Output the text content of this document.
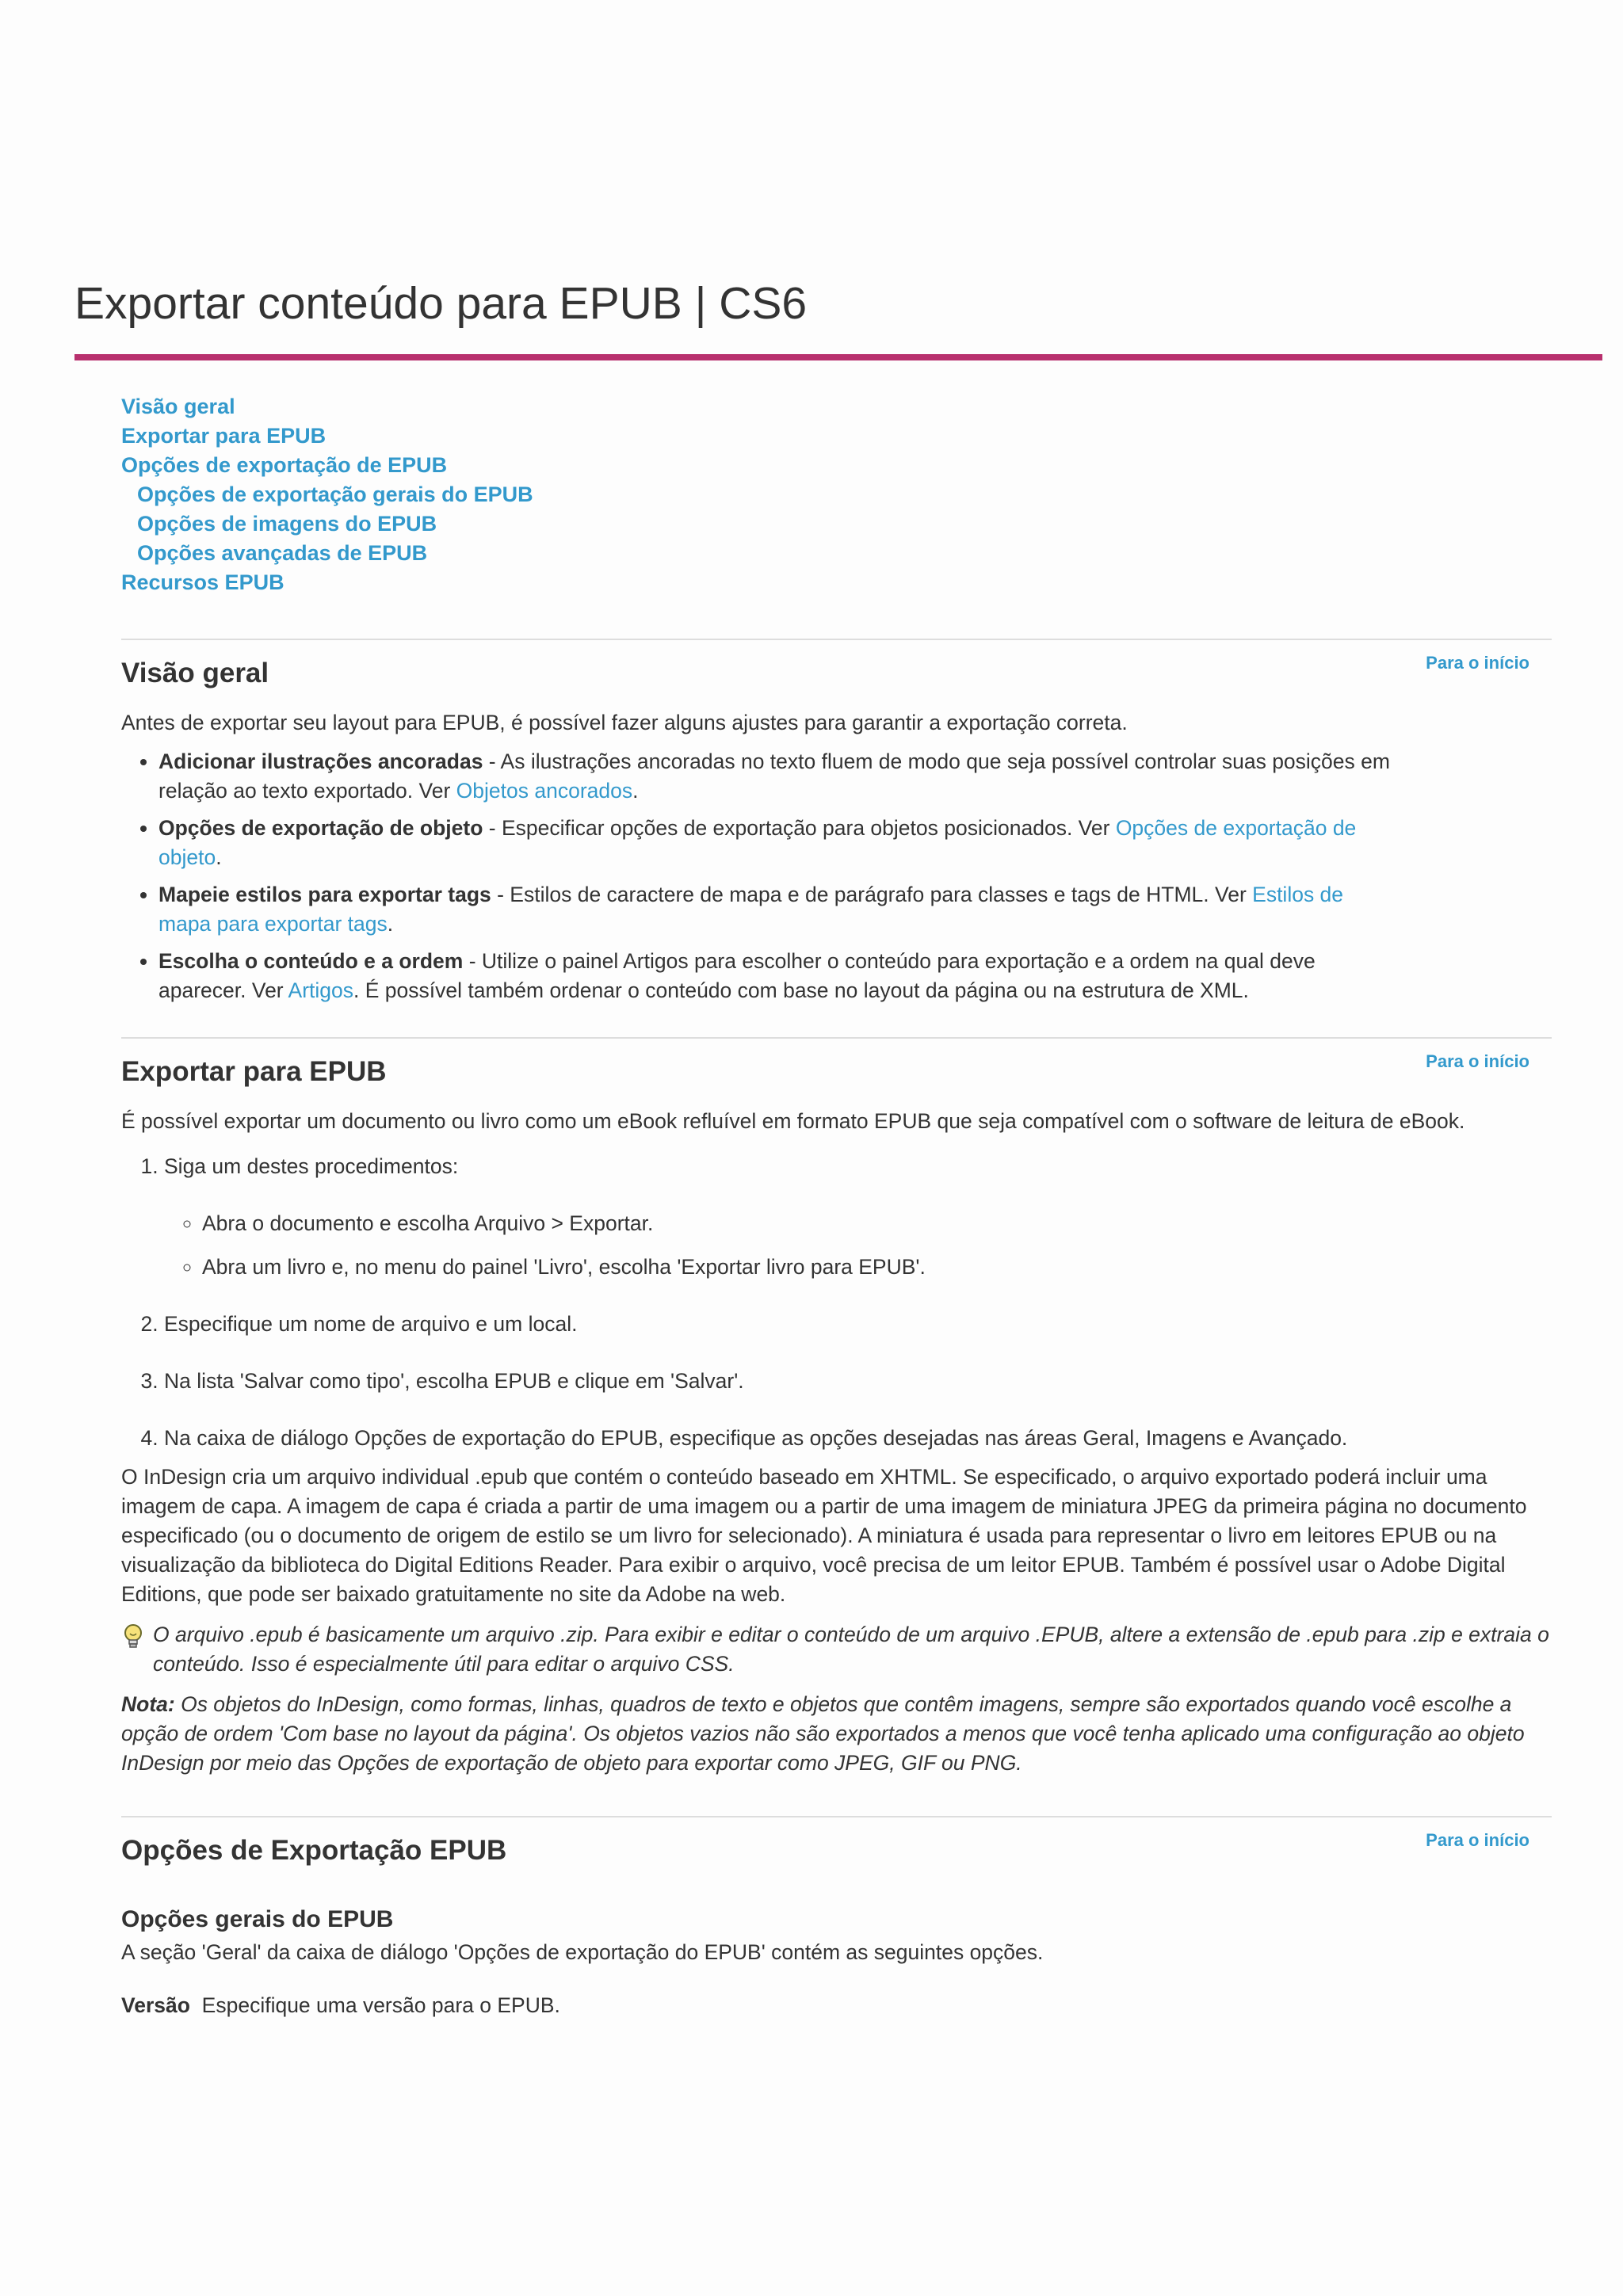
Exportar conteúdo para EPUB | CS6
Visão geral
Exportar para EPUB
Opções de exportação de EPUB
Opções de exportação gerais do EPUB
Opções de imagens do EPUB
Opções avançadas de EPUB
Recursos EPUB
Para o início
Visão geral

Antes de exportar seu layout para EPUB, é possível fazer alguns ajustes para garantir a exportação correta.

• Adicionar ilustrações ancoradas - As ilustrações ancoradas no texto fluem de modo que seja possível controlar suas posições em relação ao texto exportado. Ver Objetos ancorados.
• Opções de exportação de objeto - Especificar opções de exportação para objetos posicionados. Ver Opções de exportação de objeto.
• Mapeie estilos para exportar tags - Estilos de caractere de mapa e de parágrafo para classes e tags de HTML. Ver Estilos de mapa para exportar tags.
• Escolha o conteúdo e a ordem - Utilize o painel Artigos para escolher o conteúdo para exportação e a ordem na qual deve aparecer. Ver Artigos. É possível também ordenar o conteúdo com base no layout da página ou na estrutura de XML.
Para o início
Exportar para EPUB

É possível exportar um documento ou livro como um eBook refluível em formato EPUB que seja compatível com o software de leitura de eBook.

1. Siga um destes procedimentos:
◦ Abra o documento e escolha Arquivo > Exportar.
◦ Abra um livro e, no menu do painel 'Livro', escolha 'Exportar livro para EPUB'.
2. Especifique um nome de arquivo e um local.
3. Na lista 'Salvar como tipo', escolha EPUB e clique em 'Salvar'.
4. Na caixa de diálogo Opções de exportação do EPUB, especifique as opções desejadas nas áreas Geral, Imagens e Avançado.

O InDesign cria um arquivo individual .epub que contém o conteúdo baseado em XHTML. Se especificado, o arquivo exportado poderá incluir uma imagem de capa. A imagem de capa é criada a partir de uma imagem ou a partir de uma imagem de miniatura JPEG da primeira página no documento especificado (ou o documento de origem de estilo se um livro for selecionado). A miniatura é usada para representar o livro em leitores EPUB ou na visualização da biblioteca do Digital Editions Reader. Para exibir o arquivo, você precisa de um leitor EPUB. Também é possível usar o Adobe Digital Editions, que pode ser baixado gratuitamente no site da Adobe na web.

O arquivo .epub é basicamente um arquivo .zip. Para exibir e editar o conteúdo de um arquivo .EPUB, altere a extensão de .epub para .zip e extraia o conteúdo. Isso é especialmente útil para editar o arquivo CSS.
Nota: Os objetos do InDesign, como formas, linhas, quadros de texto e objetos que contêm imagens, sempre são exportados quando você escolhe a opção de ordem 'Com base no layout da página'. Os objetos vazios não são exportados a menos que você tenha aplicado uma configuração ao objeto InDesign por meio das Opções de exportação de objeto para exportar como JPEG, GIF ou PNG.
Para o início
Opções de Exportação EPUB
Opções gerais do EPUB

A seção 'Geral' da caixa de diálogo 'Opções de exportação do EPUB' contém as seguintes opções.

Versão  Especifique uma versão para o EPUB.
